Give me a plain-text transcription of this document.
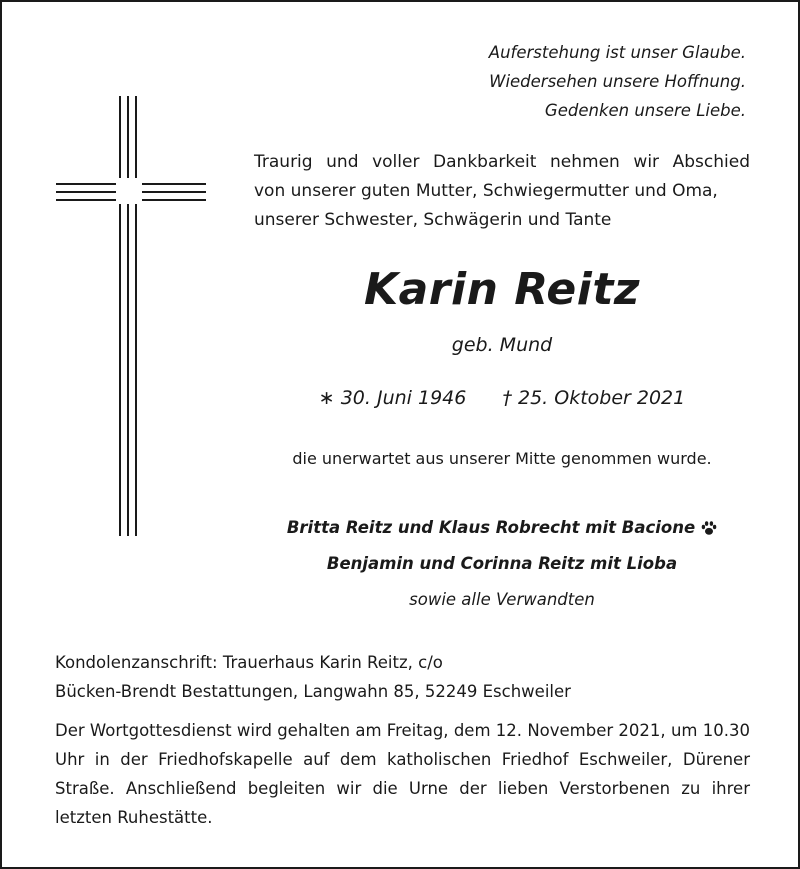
Auferstehung ist unser Glaube.
Wiedersehen unsere Hoffnung.
Gedenken unsere Liebe.
Traurig und voller Dankbarkeit nehmen wir Abschied
von unserer guten Mutter, Schwiegermutter und Oma,
unserer Schwester, Schwägerin und Tante
Karin Reitz
geb. Mund
∗ 30. Juni 1946 † 25. Oktober 2021
die unerwartet aus unserer Mitte genommen wurde.
Britta Reitz und Klaus Robrecht mit Bacione
Benjamin und Corinna Reitz mit Lioba
sowie alle Verwandten
Kondolenzanschrift: Trauerhaus Karin Reitz, c/o
Bücken-Brendt Bestattungen, Langwahn 85, 52249 Eschweiler
Der Wortgottesdienst wird gehalten am Freitag, dem 12. November 2021, um 10.30 Uhr in der Friedhofskapelle auf dem katholischen Friedhof Eschweiler, Dürener Straße. Anschließend begleiten wir die Urne der lieben Verstorbenen zu ihrer letzten Ruhestätte.
